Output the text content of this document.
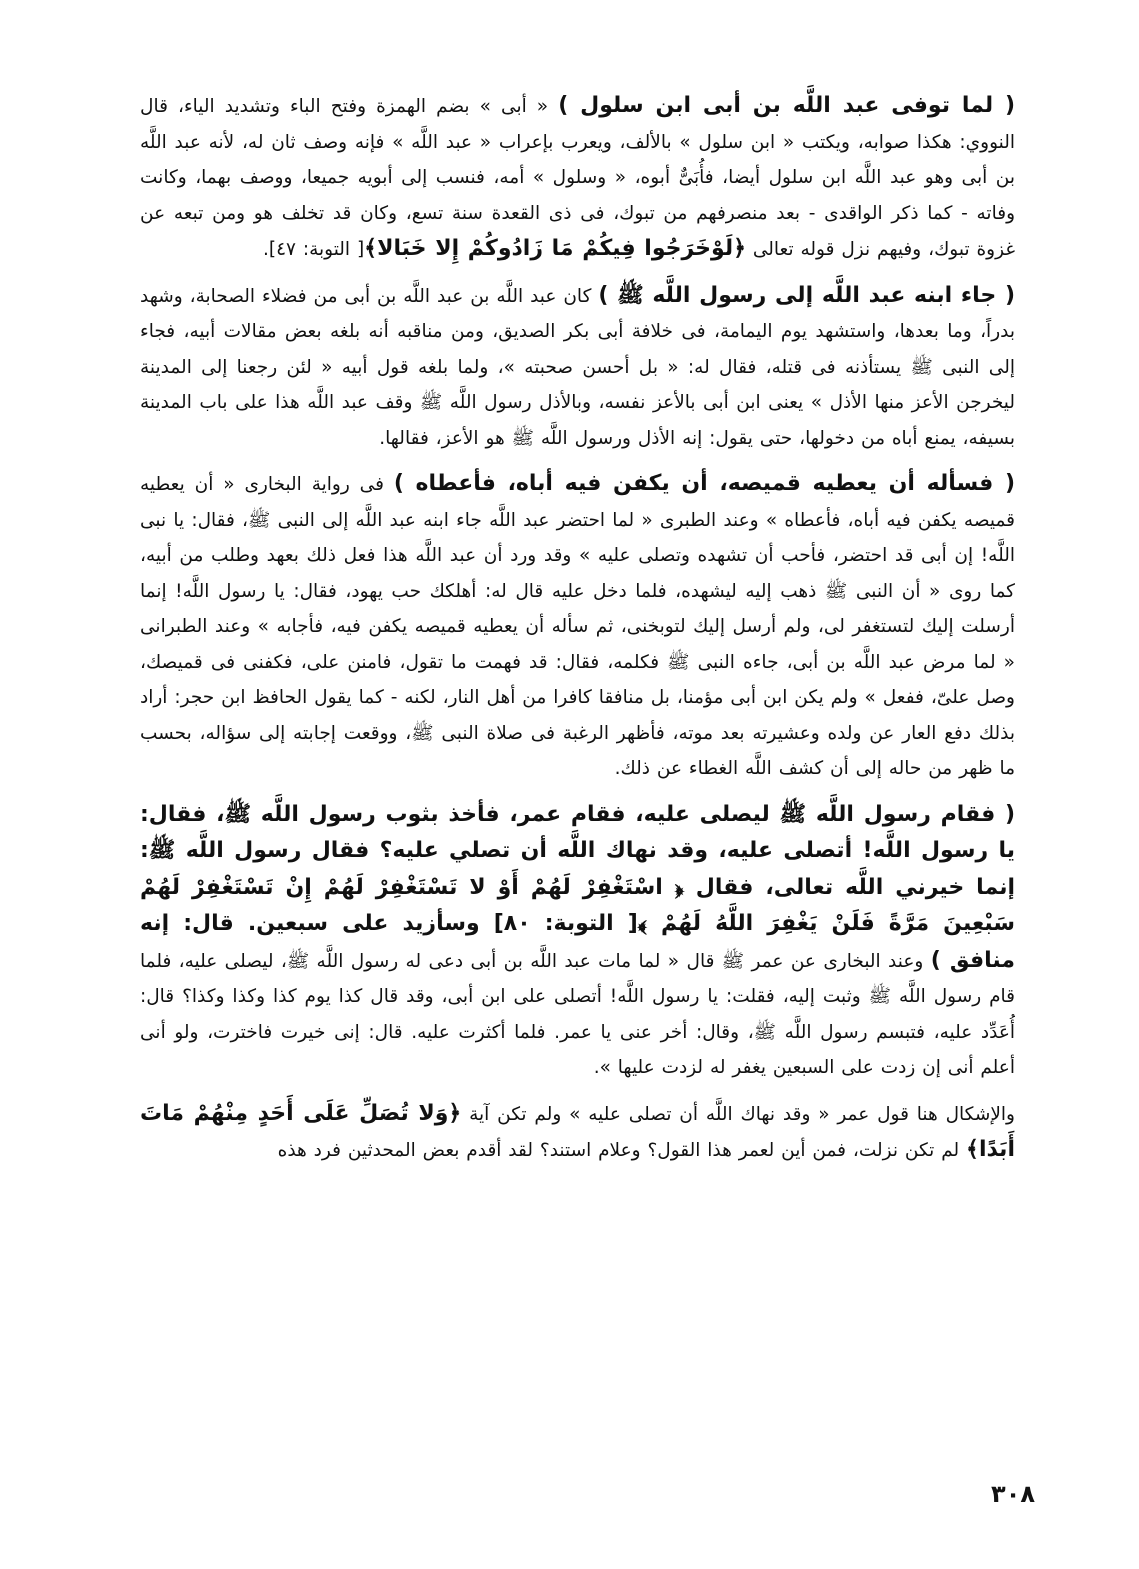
( لما توفى عبد اللَّه بن أبى ابن سلول ) « أبى » بضم الهمزة وفتح الباء وتشديد الياء، قال النووي: هكذا صوابه، ويكتب « ابن سلول » بالألف، ويعرب بإعراب « عبد اللَّه » فإنه وصف ثان له، لأنه عبد اللَّه بن أبى وهو عبد اللَّه ابن سلول أيضا، فأُبَىٌّ أبوه، « وسلول » أمه، فنسب إلى أبويه جميعا، ووصف بهما، وكانت وفاته - كما ذكر الواقدى - بعد منصرفهم من تبوك، فى ذى القعدة سنة تسع، وكان قد تخلف هو ومن تبعه عن غزوة تبوك، وفيهم نزل قوله تعالى ﴿لَوْخَرَجُوا فِيكُمْ مَا زَادُوكُمْ إِلا خَبَالا﴾[ التوبة: ٤٧].

( جاء ابنه عبد اللَّه إلى رسول اللَّه ﷺ ) كان عبد اللَّه بن عبد اللَّه بن أبى من فضلاء الصحابة، وشهد بدراً، وما بعدها، واستشهد يوم اليمامة، فى خلافة أبى بكر الصديق، ومن مناقبه أنه بلغه بعض مقالات أبيه، فجاء إلى النبى ﷺ يستأذنه فى قتله، فقال له: « بل أحسن صحبته »، ولما بلغه قول أبيه « لئن رجعنا إلى المدينة ليخرجن الأعز منها الأذل » يعنى ابن أبى بالأعز نفسه، وبالأذل رسول اللَّه ﷺ وقف عبد اللَّه هذا على باب المدينة بسيفه، يمنع أباه من دخولها، حتى يقول: إنه الأذل ورسول اللَّه ﷺ هو الأعز، فقالها.

( فسأله أن يعطيه قميصه، أن يكفن فيه أباه، فأعطاه ) فى رواية البخارى « أن يعطيه قميصه يكفن فيه أباه، فأعطاه » وعند الطبرى « لما احتضر عبد اللَّه جاء ابنه عبد اللَّه إلى النبى ﷺ، فقال: يا نبى اللَّه! إن أبى قد احتضر، فأحب أن تشهده وتصلى عليه » وقد ورد أن عبد اللَّه هذا فعل ذلك بعهد وطلب من أبيه، كما روى « أن النبى ﷺ ذهب إليه ليشهده، فلما دخل عليه قال له: أهلكك حب يهود، فقال: يا رسول اللَّه! إنما أرسلت إليك لتستغفر لى، ولم أرسل إليك لتوبخنى، ثم سأله أن يعطيه قميصه يكفن فيه، فأجابه » وعند الطبرانى « لما مرض عبد اللَّه بن أبى، جاءه النبى ﷺ فكلمه، فقال: قد فهمت ما تقول، فامنن على، فكفنى فى قميصك، وصل علىّ، ففعل » ولم يكن ابن أبى مؤمنا، بل منافقا كافرا من أهل النار، لكنه - كما يقول الحافظ ابن حجر: أراد بذلك دفع العار عن ولده وعشيرته بعد موته، فأظهر الرغبة فى صلاة النبى ﷺ، ووقعت إجابته إلى سؤاله، بحسب ما ظهر من حاله إلى أن كشف اللَّه الغطاء عن ذلك.

( فقام رسول اللَّه ﷺ ليصلى عليه، فقام عمر، فأخذ بثوب رسول اللَّه ﷺ، فقال: يا رسول اللَّه! أتصلى عليه، وقد نهاك اللَّه أن تصلي عليه؟ فقال رسول اللَّه ﷺ: إنما خيرني اللَّه تعالى، فقال ﴿ اسْتَغْفِرْ لَهُمْ أَوْ لا تَسْتَغْفِرْ لَهُمْ إِنْ تَسْتَغْفِرْ لَهُمْ سَبْعِينَ مَرَّةً فَلَنْ يَغْفِرَ اللَّهُ لَهُمْ ﴾[ التوبة: ٨٠] وسأزيد على سبعين. قال: إنه منافق ) وعند البخارى عن عمر ﷺ قال « لما مات عبد اللَّه بن أبى دعى له رسول اللَّه ﷺ، ليصلى عليه، فلما قام رسول اللَّه ﷺ وثبت إليه، فقلت: يا رسول اللَّه! أتصلى على ابن أبى، وقد قال كذا يوم كذا وكذا وكذا؟ قال: أُعَدِّد عليه، فتبسم رسول اللَّه ﷺ، وقال: أخر عنى يا عمر. فلما أكثرت عليه. قال: إنى خيرت فاخترت، ولو أنى أعلم أنى إن زدت على السبعين يغفر له لزدت عليها ».

والإشكال هنا قول عمر « وقد نهاك اللَّه أن تصلى عليه » ولم تكن آية ﴿وَلا تُصَلِّ عَلَى أَحَدٍ مِنْهُمْ مَاتَ أَبَدًا﴾ لم تكن نزلت، فمن أين لعمر هذا القول؟ وعلام استند؟ لقد أقدم بعض المحدثين فرد هذه

٣٠٨
